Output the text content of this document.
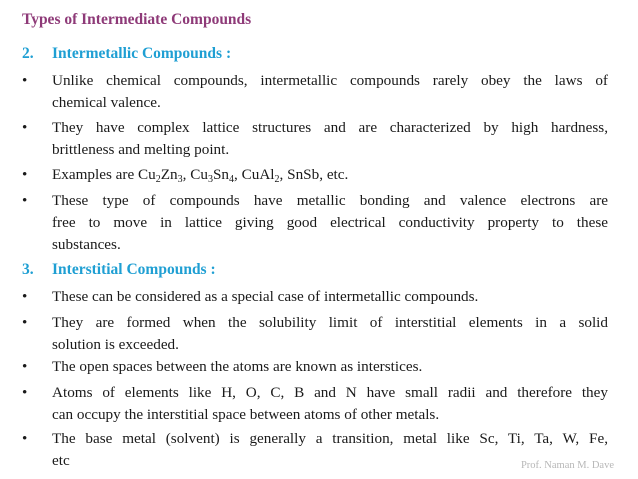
Types of Intermediate Compounds
2. Intermetallic Compounds :
•	Unlike chemical compounds, intermetallic compounds rarely obey the laws of
chemical valence.
•	They have complex lattice structures and are characterized by high hardness,
brittleness and melting point.
•	Examples are $Cu_2Zn_3$, $Cu_3Sn_4$, CuAl$_2$, SnSb, etc.
•	These type of compounds have metallic bonding and valence electrons are
free to move in lattice giving good electrical conductivity property to these
substances.
3. Interstitial Compounds :
•	These can be considered as a special case of intermetallic compounds.
•	They are formed when the solubility limit of interstitial elements in a solid
solution is exceeded.
•	The open spaces between the atoms are known as interstices.
•	Atoms of elements like H, O, C, B and N have small radii and therefore they
can occupy the interstitial space between atoms of other metals.
•	The base metal (solvent) is generally a transition, metal like Sc, Ti, Ta, W, Fe,
etc	Prof. Naman M. Dave
